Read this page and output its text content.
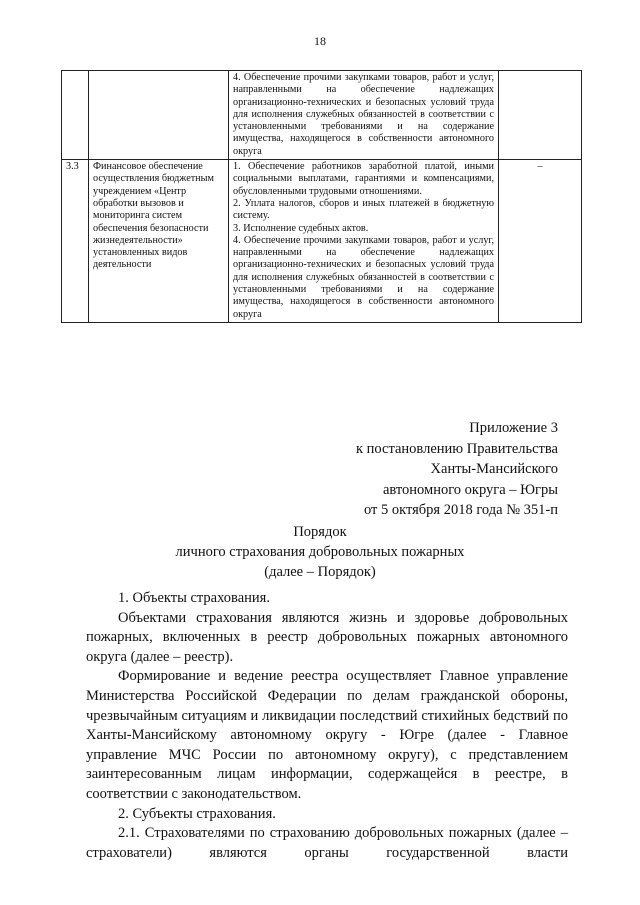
18

		4. Обеспечение прочими закупками товаров, работ и услуг, направленными на обеспечение надлежащих организационно-технических и безопасных условий труда для исполнения служебных обязанностей в соответствии с установленными требованиями и на содержание имущества, находящегося в собственности автономного округа	

3.3	Финансовое обеспечение осуществления бюджетным учреждением «Центр обработки вызовов и мониторинга систем обеспечения безопасности жизнедеятельности» установленных видов деятельности	1. Обеспечение работников заработной платой, иными социальными выплатами, гарантиями и компенсациями, обусловленными трудовыми отношениями.

2. Уплата налогов, сборов и иных платежей в бюджетную систему.

3. Исполнение судебных актов.

4. Обеспечение прочими закупками товаров, работ и услуг, направленными на обеспечение надлежащих организационно-технических и безопасных условий труда для исполнения служебных обязанностей в соответствии с установленными требованиями и на содержание имущества, находящегося в собственности автономного округа	–
Приложение 3
к постановлению Правительства
Ханты-Мансийского
автономного округа – Югры
от 5 октября 2018 года № 351-п
Порядок
личного страхования добровольных пожарных
(далее – Порядок)

1. Объекты страхования.

Объектами страхования являются жизнь и здоровье добровольных пожарных, включенных в реестр добровольных пожарных автономного округа (далее – реестр).

Формирование и ведение реестра осуществляет Главное управление Министерства Российской Федерации по делам гражданской обороны, чрезвычайным ситуациям и ликвидации последствий стихийных бедствий по Ханты-Мансийскому автономному округу - Югре (далее - Главное управление МЧС России по автономному округу), с представлением заинтересованным лицам информации, содержащейся в реестре, в соответствии с законодательством.

2. Субъекты страхования.

2.1. Страхователями по страхованию добровольных пожарных (далее – страхователи) являются органы государственной власти
